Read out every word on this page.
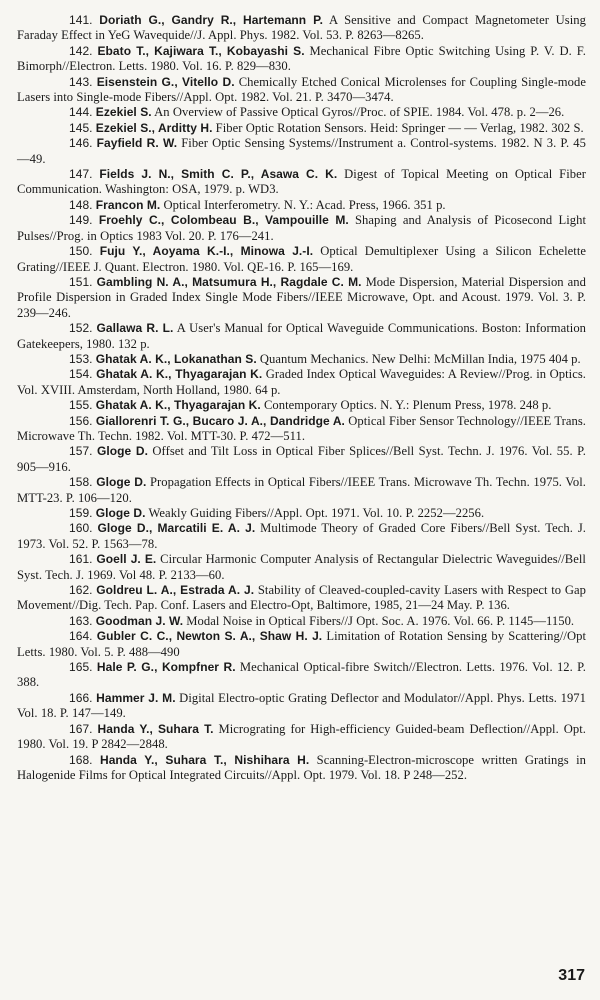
141. Doriath G., Gandry R., Hartemann P. A Sensitive and Compact Magnetometer Using Faraday Effect in YeG Wavequide//J. Appl. Phys. 1982. Vol. 53. P. 8263—8265.

142. Ebato T., Kajiwara T., Kobayashi S. Mechanical Fibre Optic Switching Using P. V. D. F. Bimorph//Electron. Letts. 1980. Vol. 16. P. 829—830.

143. Eisenstein G., Vitello D. Chemically Etched Conical Microlenses for Coupling Single-mode Lasers into Single-mode Fibers//Appl. Opt. 1982. Vol. 21. P. 3470—3474.

144. Ezekiel S. An Overview of Passive Optical Gyros//Proc. of SPIE. 1984. Vol. 478. p. 2—26.

145. Ezekiel S., Arditty H. Fiber Optic Rotation Sensors. Heid: Springer — — Verlag, 1982. 302 S.

146. Fayfield R. W. Fiber Optic Sensing Systems//Instrument a. Control-systems. 1982. N 3. P. 45—49.

147. Fields J. N., Smith C. P., Asawa C. K. Digest of Topical Meeting on Optical Fiber Communication. Washington: OSA, 1979. p. WD3.

148. Francon M. Optical Interferometry. N. Y.: Acad. Press, 1966. 351 p.

149. Froehly C., Colombeau B., Vampouille M. Shaping and Analysis of Picosecond Light Pulses//Prog. in Optics 1983 Vol. 20. P. 176—241.

150. Fuju Y., Aoyama K.-I., Minowa J.-I. Optical Demultiplexer Using a Silicon Echelette Grating//IEEE J. Quant. Electron. 1980. Vol. QE-16. P. 165—169.

151. Gambling N. A., Matsumura H., Ragdale C. M. Mode Dispersion, Material Dispersion and Profile Dispersion in Graded Index Single Mode Fibers//IEEE Microwave, Opt. and Acoust. 1979. Vol. 3. P. 239—246.

152. Gallawa R. L. A User's Manual for Optical Waveguide Communications. Boston: Information Gatekeepers, 1980. 132 p.

153. Ghatak A. K., Lokanathan S. Quantum Mechanics. New Delhi: McMillan India, 1975 404 p.

154. Ghatak A. K., Thyagarajan K. Graded Index Optical Waveguides: A Review//Prog. in Optics. Vol. XVIII. Amsterdam, North Holland, 1980. 64 p.

155. Ghatak A. K., Thyagarajan K. Contemporary Optics. N. Y.: Plenum Press, 1978. 248 p.

156. Giallorenri T. G., Bucaro J. A., Dandridge A. Optical Fiber Sensor Technology//IEEE Trans. Microwave Th. Techn. 1982. Vol. MTT-30. P. 472—511.

157. Gloge D. Offset and Tilt Loss in Optical Fiber Splices//Bell Syst. Techn. J. 1976. Vol. 55. P. 905—916.

158. Gloge D. Propagation Effects in Optical Fibers//IEEE Trans. Microwave Th. Techn. 1975. Vol. MTT-23. P. 106—120.

159. Gloge D. Weakly Guiding Fibers//Appl. Opt. 1971. Vol. 10. P. 2252—2256.

160. Gloge D., Marcatili E. A. J. Multimode Theory of Graded Core Fibers//Bell Syst. Tech. J. 1973. Vol. 52. P. 1563—78.

161. Goell J. E. Circular Harmonic Computer Analysis of Rectangular Dielectric Waveguides//Bell Syst. Tech. J. 1969. Vol 48. P. 2133—60.

162. Goldreu L. A., Estrada A. J. Stability of Cleaved-coupled-cavity Lasers with Respect to Gap Movement//Dig. Tech. Pap. Conf. Lasers and Electro-Opt, Baltimore, 1985, 21—24 May. P. 136.

163. Goodman J. W. Modal Noise in Optical Fibers//J Opt. Soc. A. 1976. Vol. 66. P. 1145—1150.

164. Gubler C. C., Newton S. A., Shaw H. J. Limitation of Rotation Sensing by Scattering//Opt Letts. 1980. Vol. 5. P. 488—490

165. Hale P. G., Kompfner R. Mechanical Optical-fibre Switch//Electron. Letts. 1976. Vol. 12. P. 388.

166. Hammer J. M. Digital Electro-optic Grating Deflector and Modulator//Appl. Phys. Letts. 1971 Vol. 18. P. 147—149.

167. Handa Y., Suhara T. Micrograting for High-efficiency Guided-beam Deflection//Appl. Opt. 1980. Vol. 19. P 2842—2848.

168. Handa Y., Suhara T., Nishihara H. Scanning-Electron-microscope written Gratings in Halogenide Films for Optical Integrated Circuits//Appl. Opt. 1979. Vol. 18. P 248—252.

317
